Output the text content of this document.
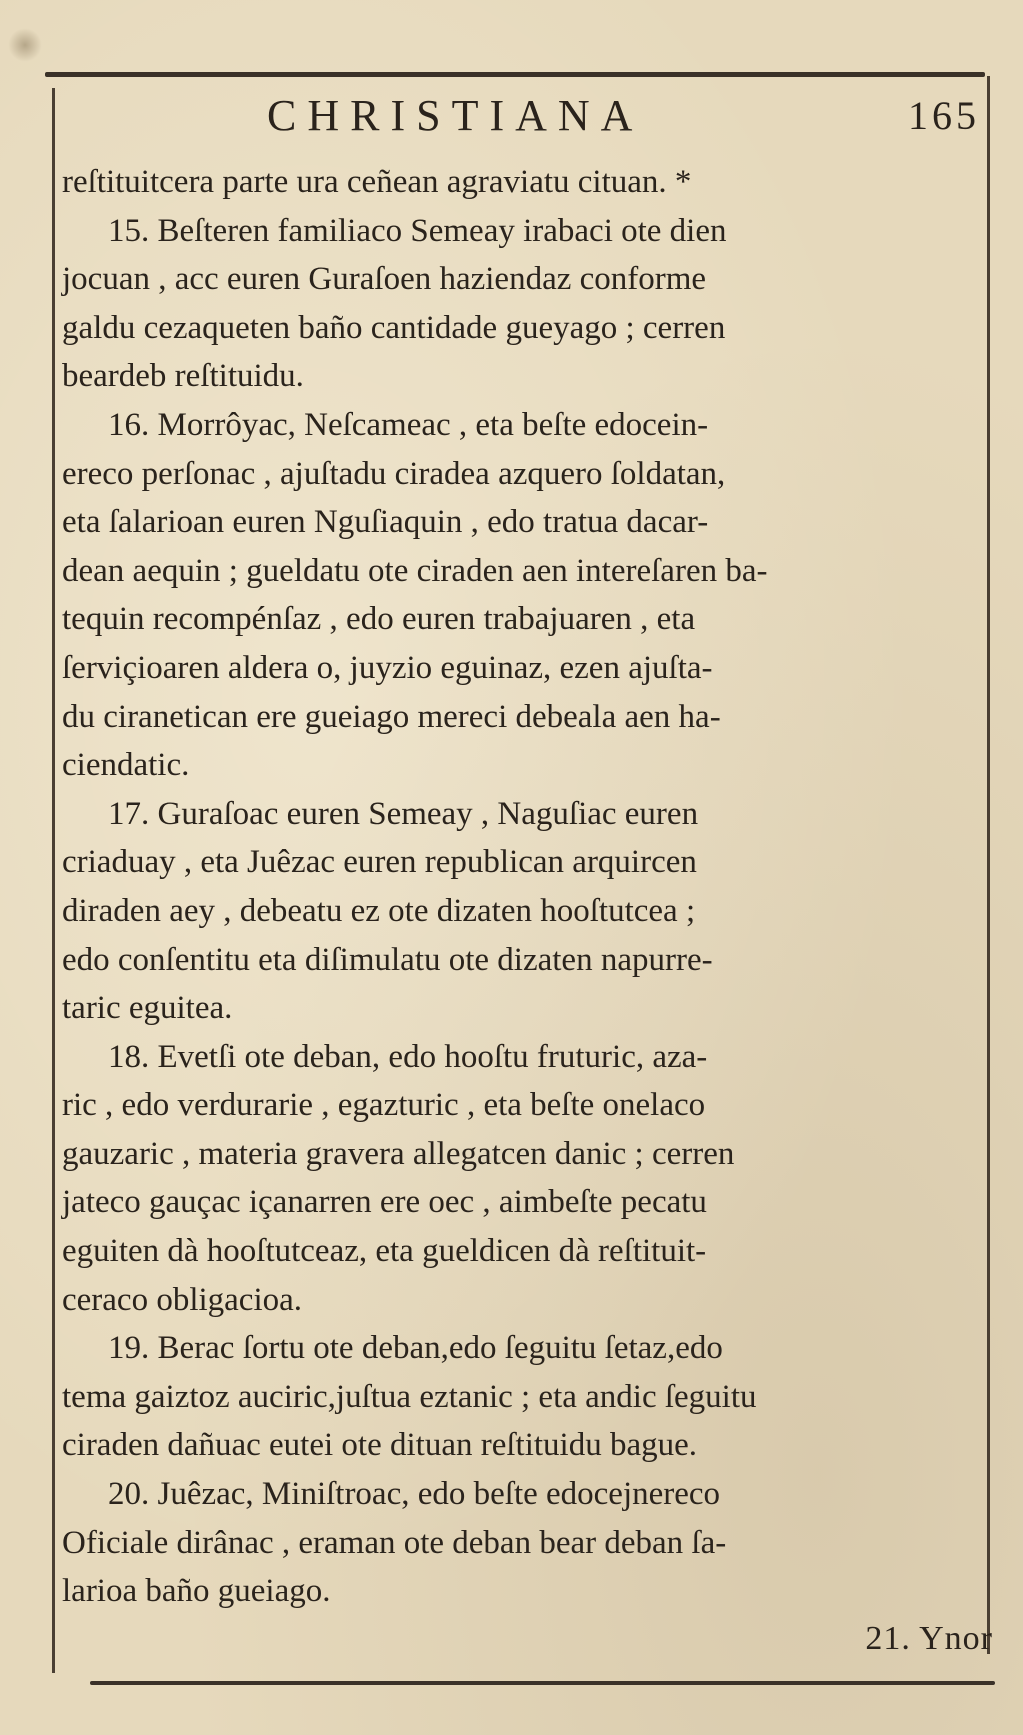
CHRISTIANA	165
reſtituitcera parte ura ceñean agraviatu cituan. *
15. Beſteren familiaco Semeay irabaci ote dien
jocuan , acc euren Guraſoen haziendaz conforme
galdu cezaqueten baño cantidade gueyago ; cerren
beardeb reſtituidu.
16. Morrôyac, Neſcameac , eta beſte edocein-
ereco perſonac , ajuſtadu ciradea azquero ſoldatan,
eta ſalarioan euren Nguſiaquin , edo tratua dacar-
dean aequin ; gueldatu ote ciraden aen intereſaren ba-
tequin recompénſaz , edo euren trabajuaren , eta
ſerviçioaren aldera o, juyzio eguinaz, ezen ajuſta-
du ciranetican ere gueiago mereci debeala aen ha-
ciendatic.
17. Guraſoac euren Semeay , Naguſiac euren
criaduay , eta Juêzac euren republican arquircen
diraden aey , debeatu ez ote dizaten hooſtutcea ;
edo conſentitu eta diſimulatu ote dizaten napurre-
taric eguitea.
18. Evetſi ote deban, edo hooſtu fruturic, aza-
ric , edo verdurarie , egazturic , eta beſte onelaco
gauzaric , materia gravera allegatcen danic ; cerren
jateco gauçac içanarren ere oec , aimbeſte pecatu
eguiten dà hooſtutceaz, eta gueldicen dà reſtituit-
ceraco obligacioa.
19. Berac ſortu ote deban,edo ſeguitu ſetaz,edo
tema gaiztoz auciric,juſtua eztanic ; eta andic ſeguitu
ciraden dañuac eutei ote dituan reſtituidu bague.
20. Juêzac, Miniſtroac, edo beſte edocejnereco
Oficiale dirânac , eraman ote deban bear deban ſa-
larioa baño gueiago.
21. Ynor
